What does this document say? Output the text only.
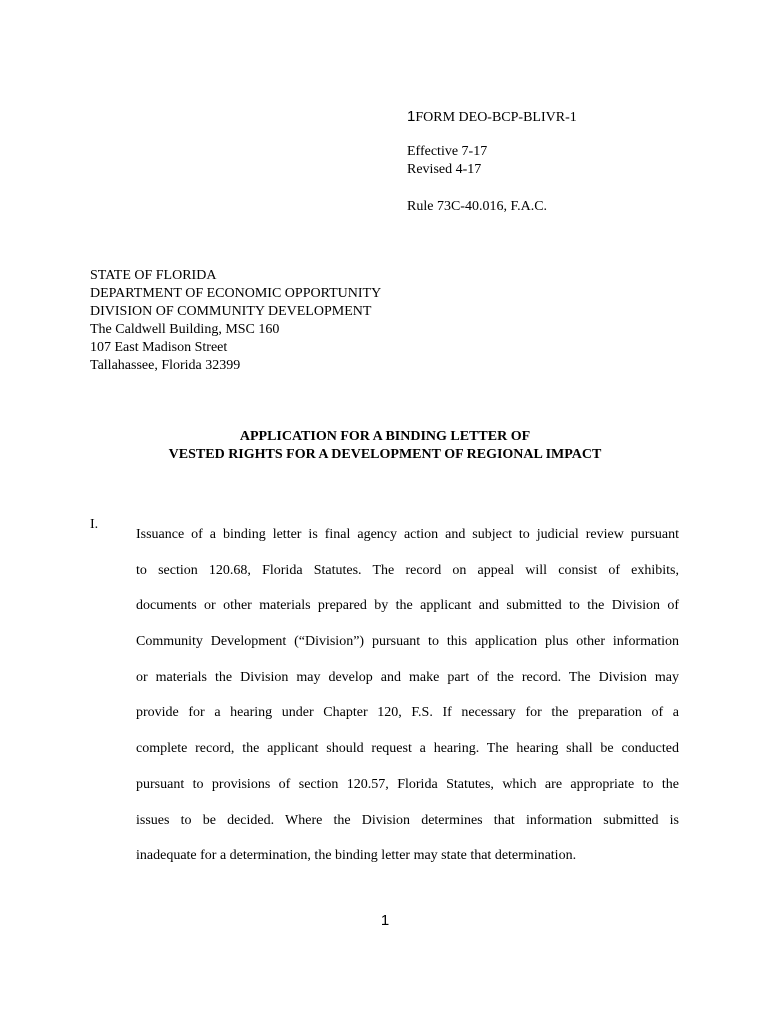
1FORM DEO-BCP-BLIVR-1
Effective 7-17
Revised 4-17
Rule 73C-40.016, F.A.C.
STATE OF FLORIDA
DEPARTMENT OF ECONOMIC OPPORTUNITY
DIVISION OF COMMUNITY DEVELOPMENT
The Caldwell Building, MSC 160
107 East Madison Street
Tallahassee, Florida 32399
APPLICATION FOR A BINDING LETTER OF
VESTED RIGHTS FOR A DEVELOPMENT OF REGIONAL IMPACT
I.
Issuance of a binding letter is final agency action and subject to judicial review pursuant
to section 120.68, Florida Statutes. The record on appeal will consist of exhibits,
documents or other materials prepared by the applicant and submitted to the Division of
Community Development (“Division”) pursuant to this application plus other information
or materials the Division may develop and make part of the record. The Division may
provide for a hearing under Chapter 120, F.S. If necessary for the preparation of a
complete record, the applicant should request a hearing. The hearing shall be conducted
pursuant to provisions of section 120.57, Florida Statutes, which are appropriate to the
issues to be decided. Where the Division determines that information submitted is
inadequate for a determination, the binding letter may state that determination.
1
